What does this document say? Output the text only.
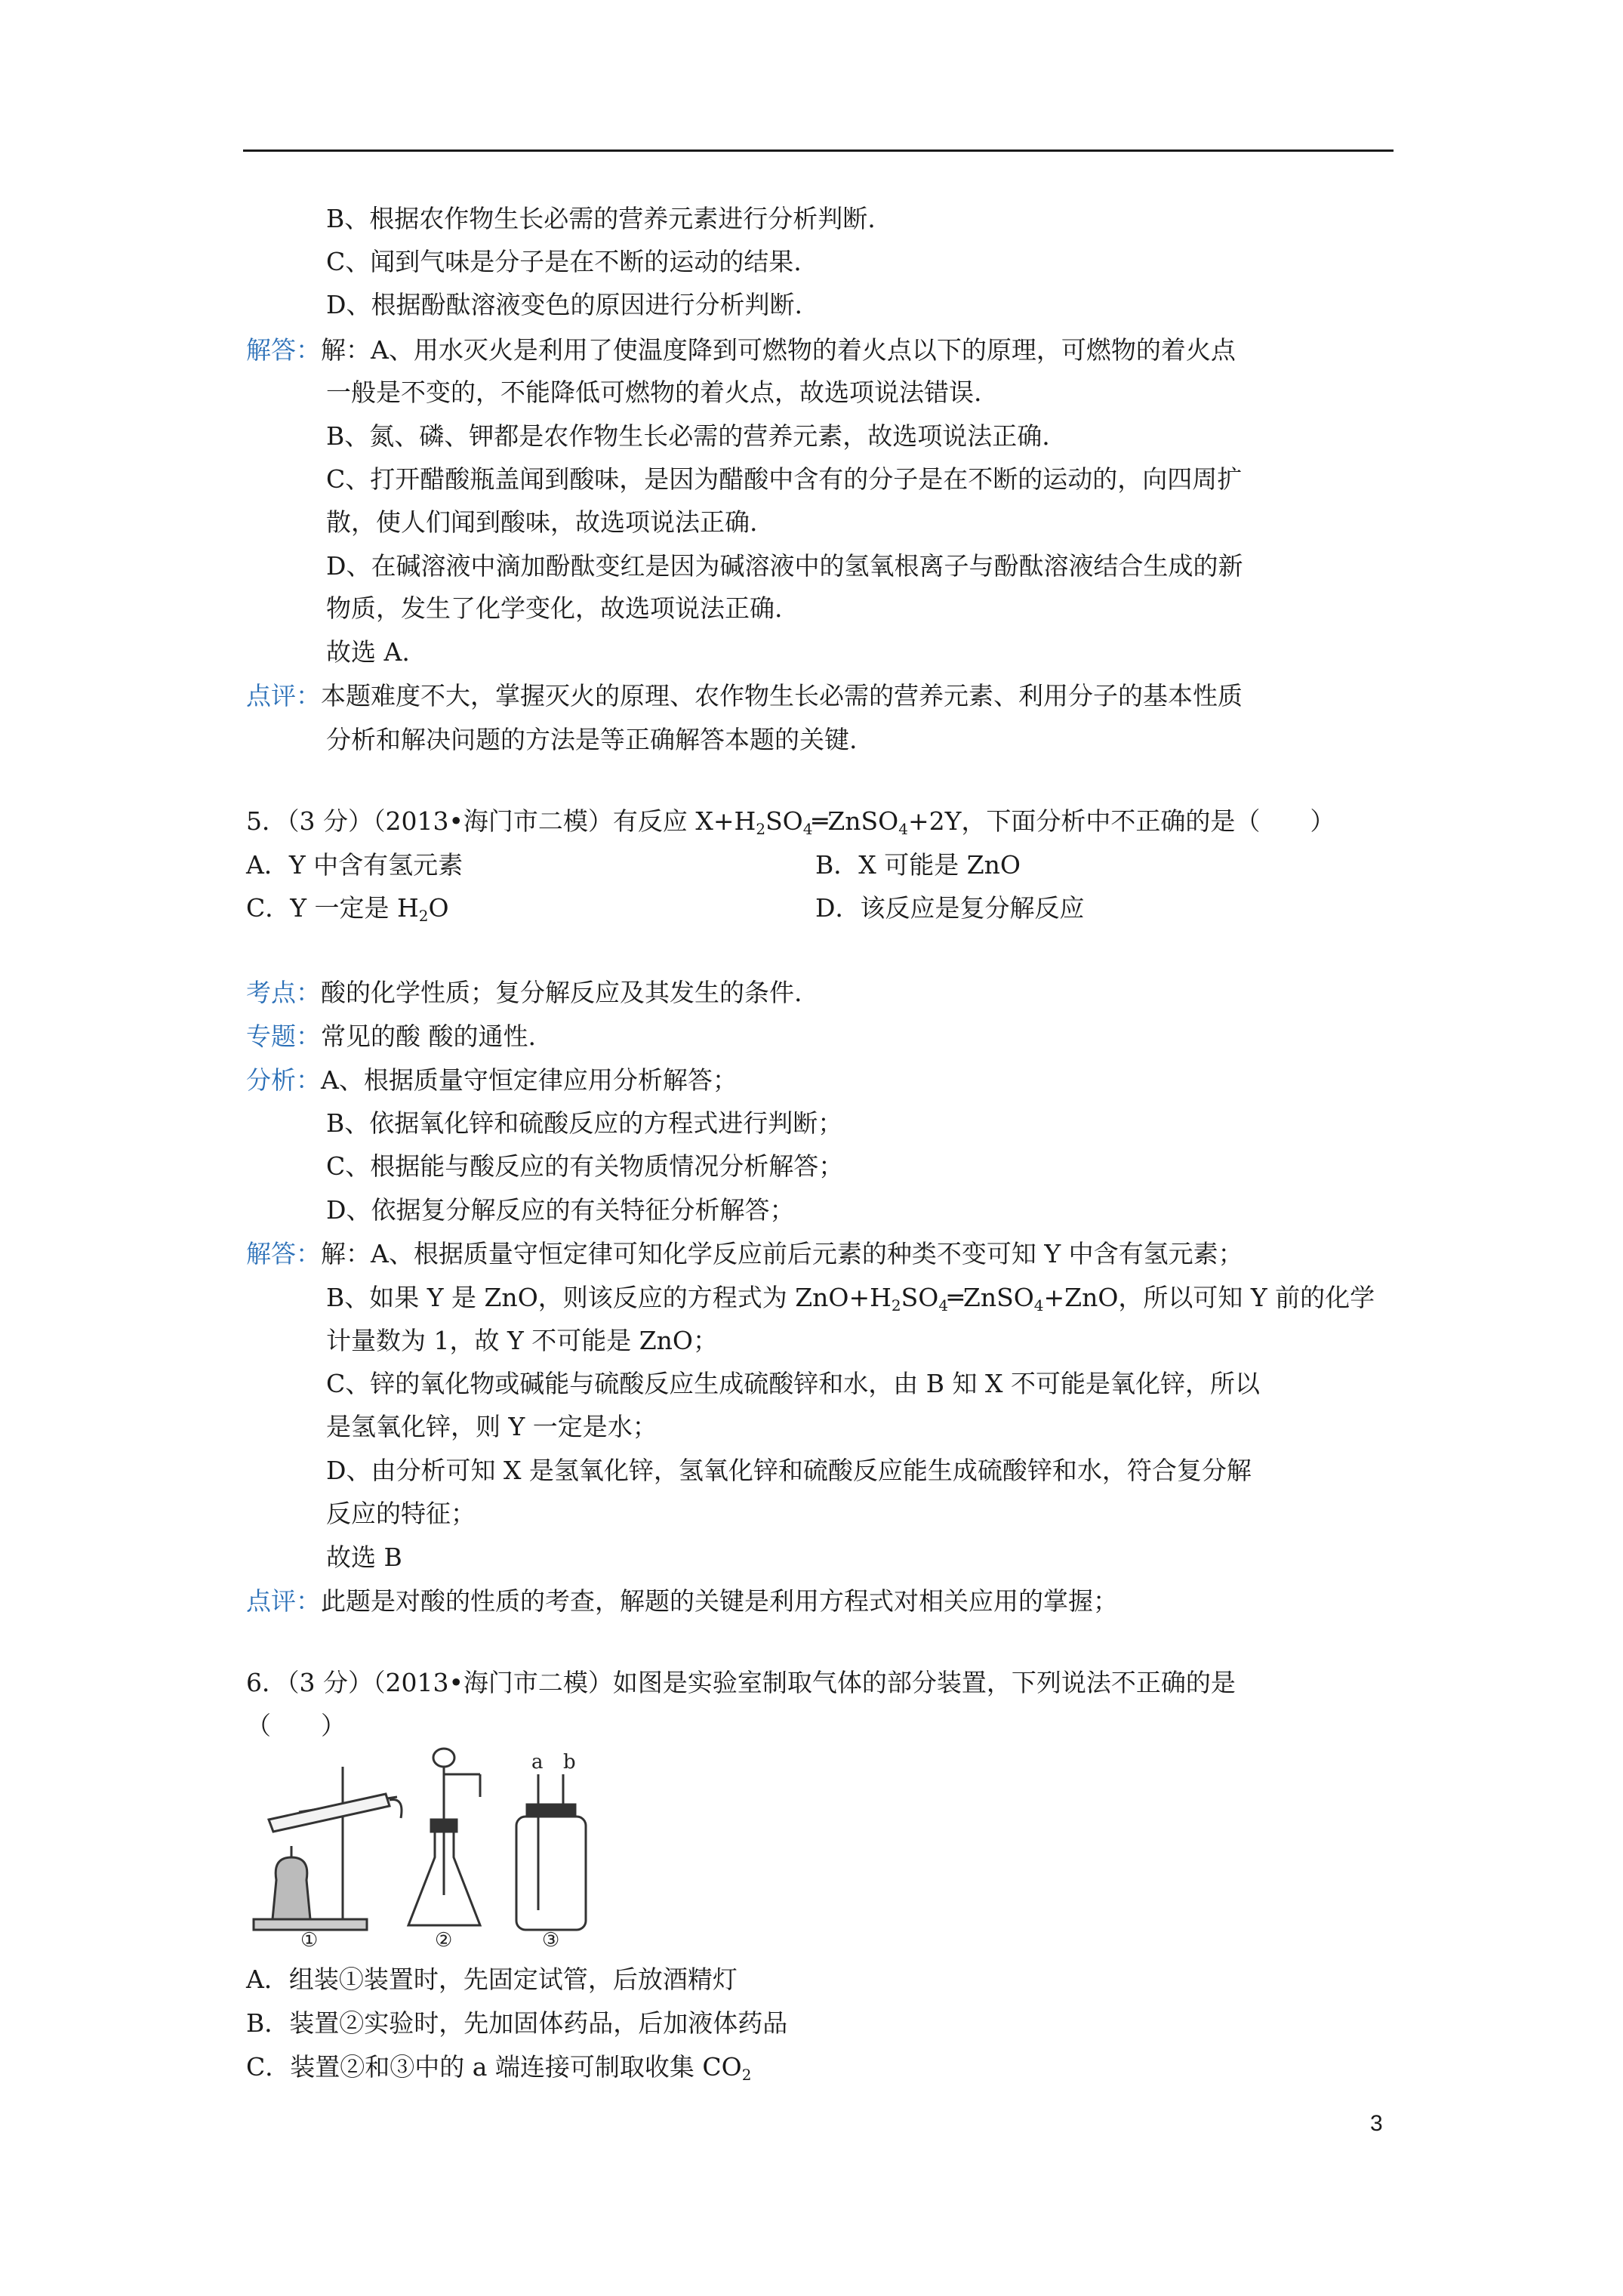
B、根据农作物生长必需的营养元素进行分析判断.
C、闻到气味是分子是在不断的运动的结果.
D、根据酚酞溶液变色的原因进行分析判断.
解答：解：A、用水灭火是利用了使温度降到可燃物的着火点以下的原理，可燃物的着火点
一般是不变的，不能降低可燃物的着火点，故选项说法错误.
B、氮、磷、钾都是农作物生长必需的营养元素，故选项说法正确.
C、打开醋酸瓶盖闻到酸味，是因为醋酸中含有的分子是在不断的运动的，向四周扩
散，使人们闻到酸味，故选项说法正确.
D、在碱溶液中滴加酚酞变红是因为碱溶液中的氢氧根离子与酚酞溶液结合生成的新
物质，发生了化学变化，故选项说法正确.
故选 A.
点评：本题难度不大，掌握灭火的原理、农作物生长必需的营养元素、利用分子的基本性质
分析和解决问题的方法是等正确解答本题的关键.
5．（3 分）（2013•海门市二模）有反应 $X+H_2SO_4═ZnSO_4+2Y$，下面分析中不正确的是（　　）
A．Y 中含有氢元素	B．X 可能是 ZnO
C．Y 一定是 $H_2O$	D．该反应是复分解反应
考点：酸的化学性质；复分解反应及其发生的条件.
专题：常见的酸 酸的通性.
分析：A、根据质量守恒定律应用分析解答；
B、依据氧化锌和硫酸反应的方程式进行判断；
C、根据能与酸反应的有关物质情况分析解答；
D、依据复分解反应的有关特征分析解答；
解答：解：A、根据质量守恒定律可知化学反应前后元素的种类不变可知 Y 中含有氢元素；
B、如果 Y 是 ZnO，则该反应的方程式为 $ZnO+H_2SO_4═ZnSO_4+ZnO$，所以可知 Y 前的化学
计量数为 1，故 Y 不可能是 ZnO；
C、锌的氧化物或碱能与硫酸反应生成硫酸锌和水，由 B 知 X 不可能是氧化锌，所以
是氢氧化锌，则 Y 一定是水；
D、由分析可知 X 是氢氧化锌，氢氧化锌和硫酸反应能生成硫酸锌和水，符合复分解
反应的特征；
故选 B
点评：此题是对酸的性质的考查，解题的关键是利用方程式对相关应用的掌握；
6．（3 分）（2013•海门市二模）如图是实验室制取气体的部分装置，下列说法不正确的是
（　　）
①	②	③
a b
A．组装①装置时，先固定试管，后放酒精灯
B．装置②实验时，先加固体药品，后加液体药品
C．装置②和③中的 a 端连接可制取收集 $CO_2$
3
